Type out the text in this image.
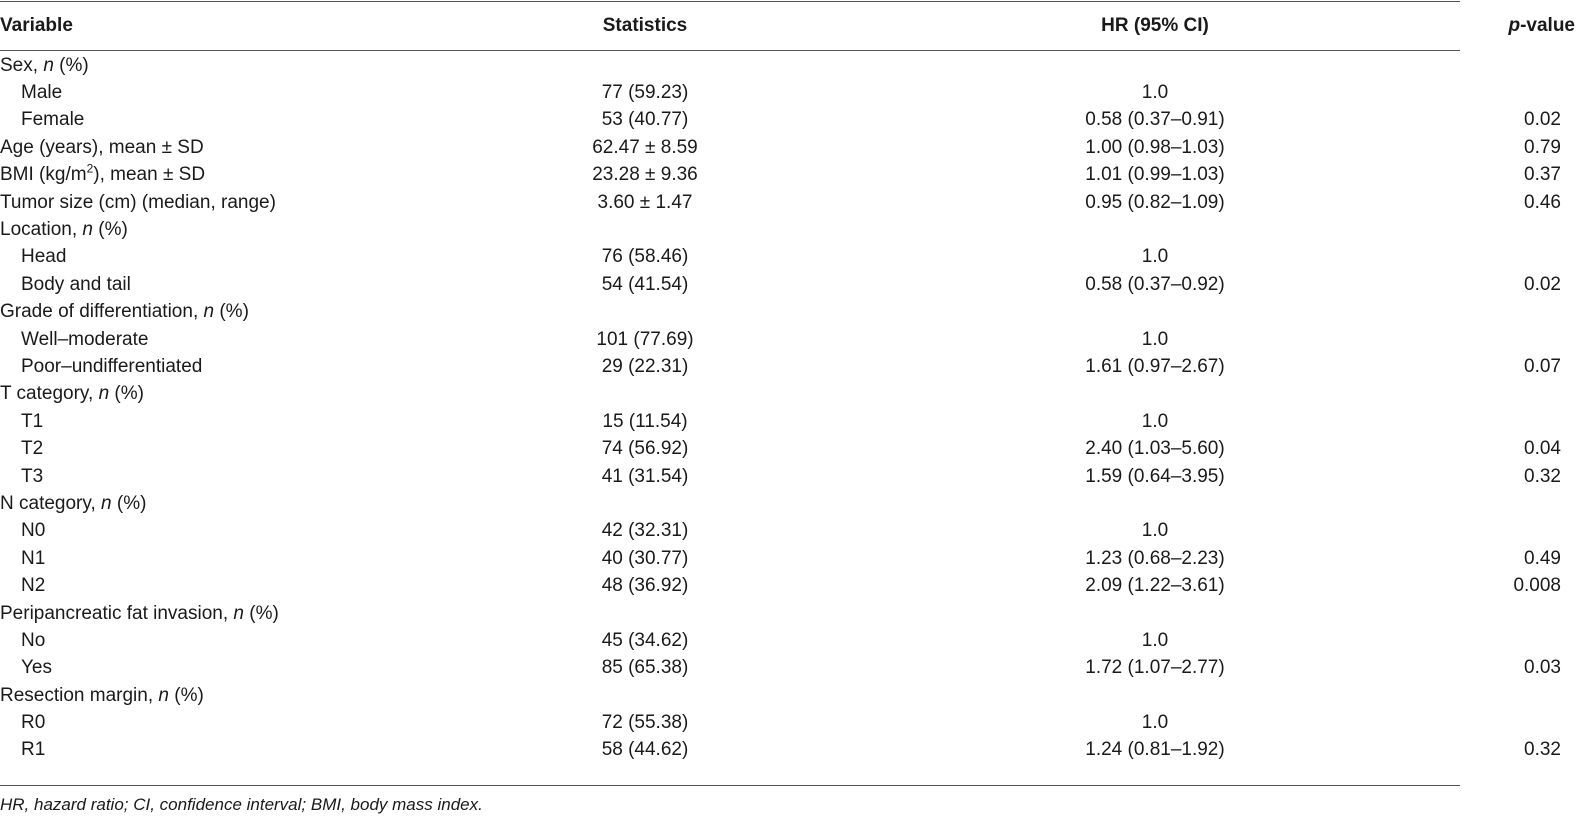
Variable	Statistics	HR (95% CI)	p-value
Sex, n (%)			
Male	77 (59.23)	1.0	
Female	53 (40.77)	0.58 (0.37–0.91)	0.02
Age (years), mean ± SD	62.47 ± 8.59	1.00 (0.98–1.03)	0.79
BMI $(kg/m^2)$, mean ± SD	23.28 ± 9.36	1.01 (0.99–1.03)	0.37
Tumor size (cm) (median, range)	3.60 ± 1.47	0.95 (0.82–1.09)	0.46
Location, n (%)			
Head	76 (58.46)	1.0	
Body and tail	54 (41.54)	0.58 (0.37–0.92)	0.02
Grade of differentiation, n (%)			
Well–moderate	101 (77.69)	1.0	
Poor–undifferentiated	29 (22.31)	1.61 (0.97–2.67)	0.07
T category, n (%)			
T1	15 (11.54)	1.0	
T2	74 (56.92)	2.40 (1.03–5.60)	0.04
T3	41 (31.54)	1.59 (0.64–3.95)	0.32
N category, n (%)			
N0	42 (32.31)	1.0	
N1	40 (30.77)	1.23 (0.68–2.23)	0.49
N2	48 (36.92)	2.09 (1.22–3.61)	0.008
Peripancreatic fat invasion, n (%)			
No	45 (34.62)	1.0	
Yes	85 (65.38)	1.72 (1.07–2.77)	0.03
Resection margin, n (%)			
R0	72 (55.38)	1.0	
R1	58 (44.62)	1.24 (0.81–1.92)	0.32
HR, hazard ratio; CI, confidence interval; BMI, body mass index.
